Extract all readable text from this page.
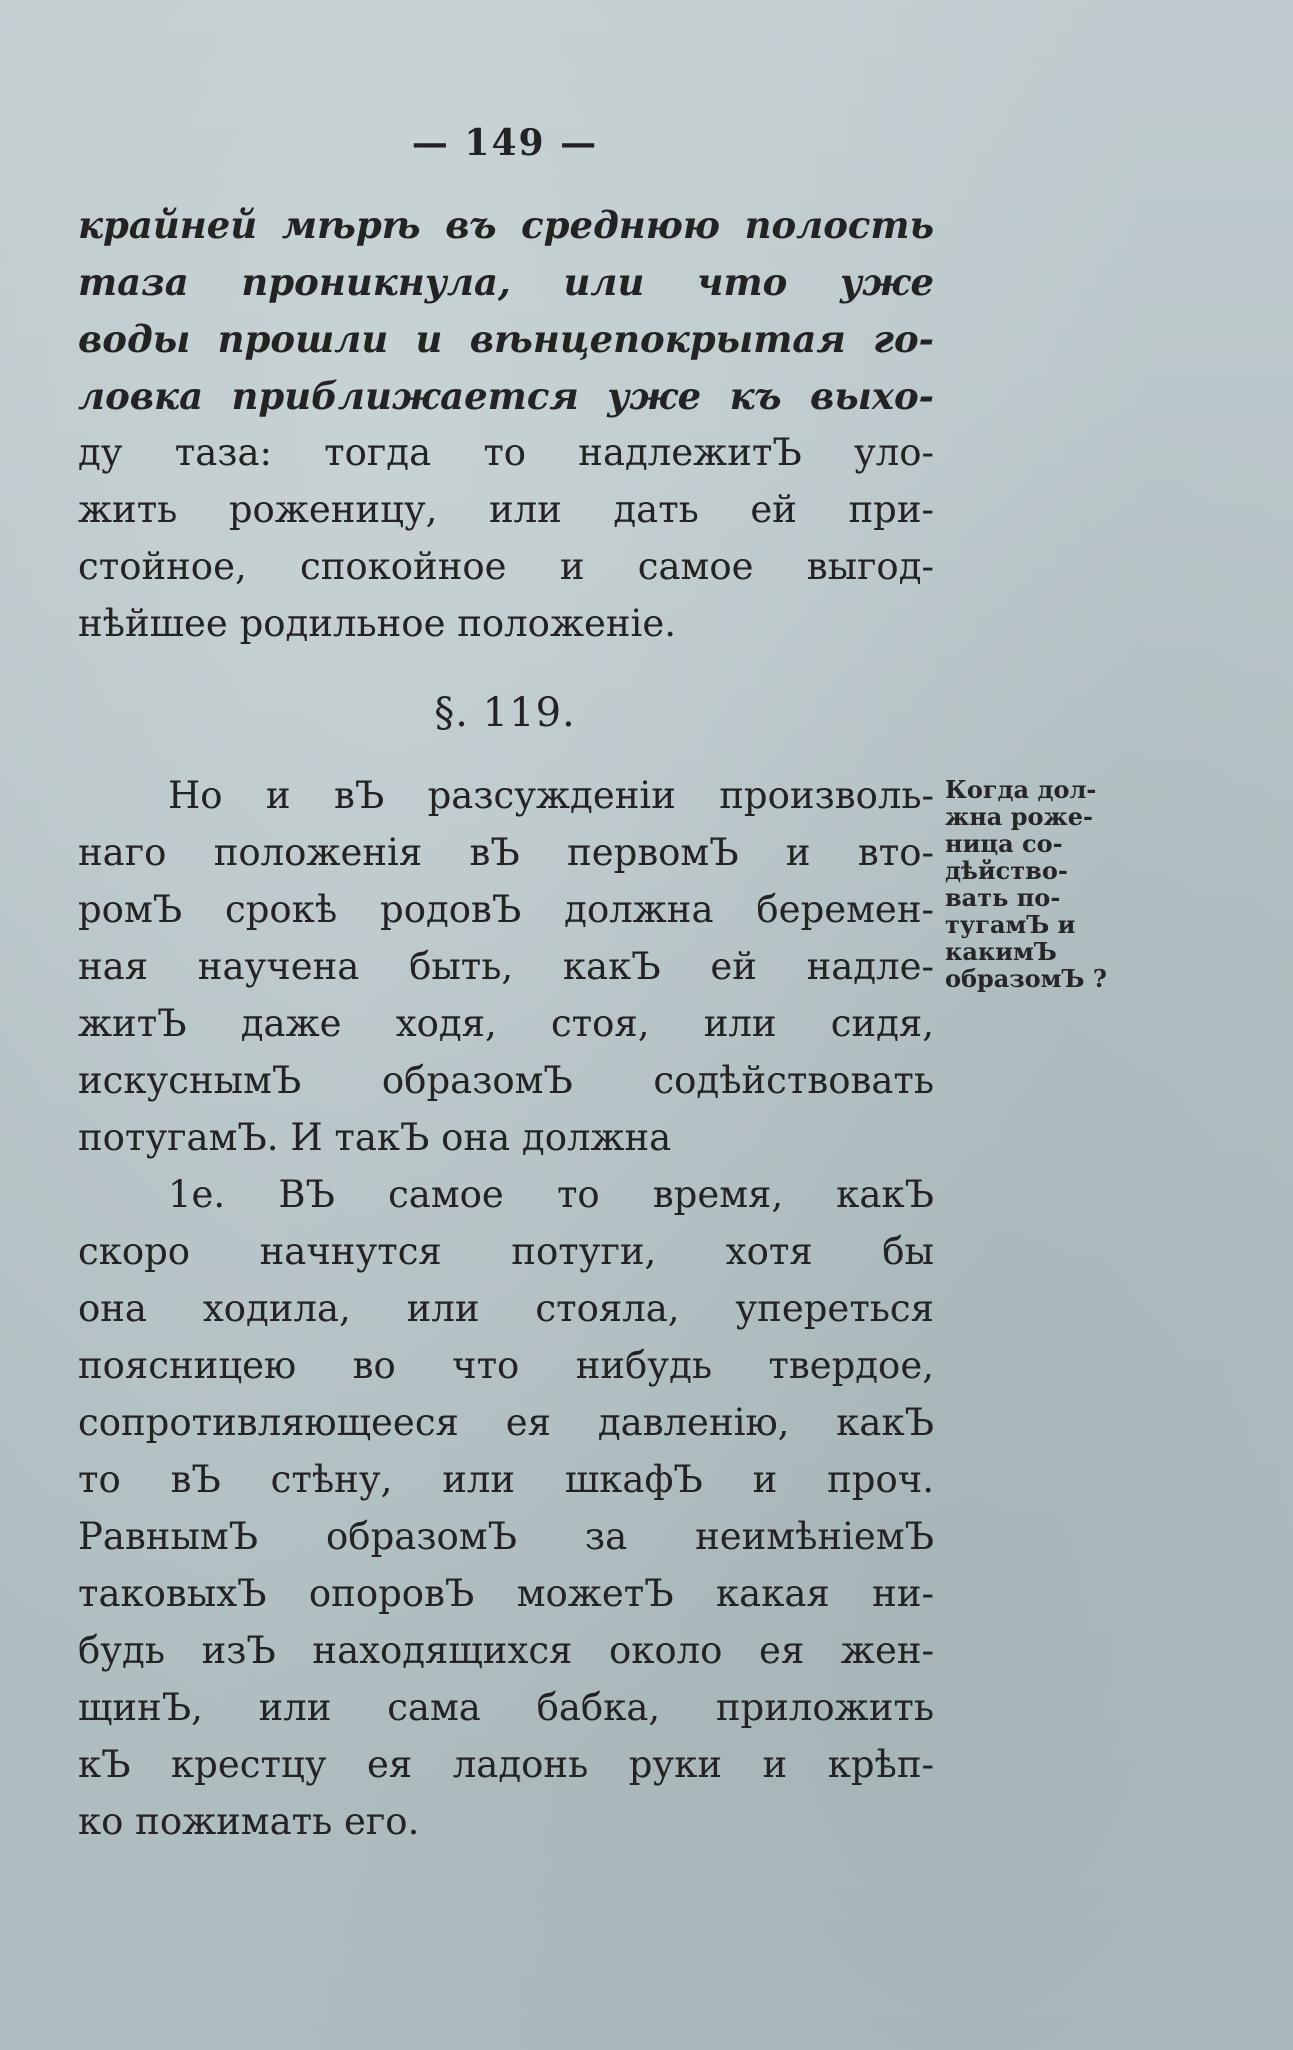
— 149 —
крайней мѣрѣ въ среднюю полость
таза проникнула, или что уже
воды прошли и вѣнцепокрытая го-
ловка приближается уже къ выхо-
ду таза: тогда то надлежитЪ уло-
жить роженицу, или дать ей при-
стойное, спокойное и самое выгод-
нѣйшее родильное положеніе.
§. 119.
Когда дол-
жна роже-
ница со-
дѣйство-
вать по-
тугамЪ и
какимЪ
образомЪ ?
Но и вЪ разсужденіи произволь-
наго положенія вЪ первомЪ и вто-
ромЪ срокѣ родовЪ должна беремен-
ная научена быть, какЪ ей надле-
житЪ даже ходя, стоя, или сидя,
искуснымЪ образомЪ содѣйствовать
потугамЪ. И такЪ она должна
1е. ВЪ самое то время, какЪ
скоро начнутся потуги, хотя бы
она ходила, или стояла, упереться
поясницею во что нибудь твердое,
сопротивляющееся ея давленію, какЪ
то вЪ стѣну, или шкафЪ и проч.
РавнымЪ образомЪ за неимѣніемЪ
таковыхЪ опоровЪ можетЪ какая ни-
будь изЪ находящихся около ея жен-
щинЪ, или сама бабка, приложить
кЪ крестцу ея ладонь руки и крѣп-
ко пожимать его.
